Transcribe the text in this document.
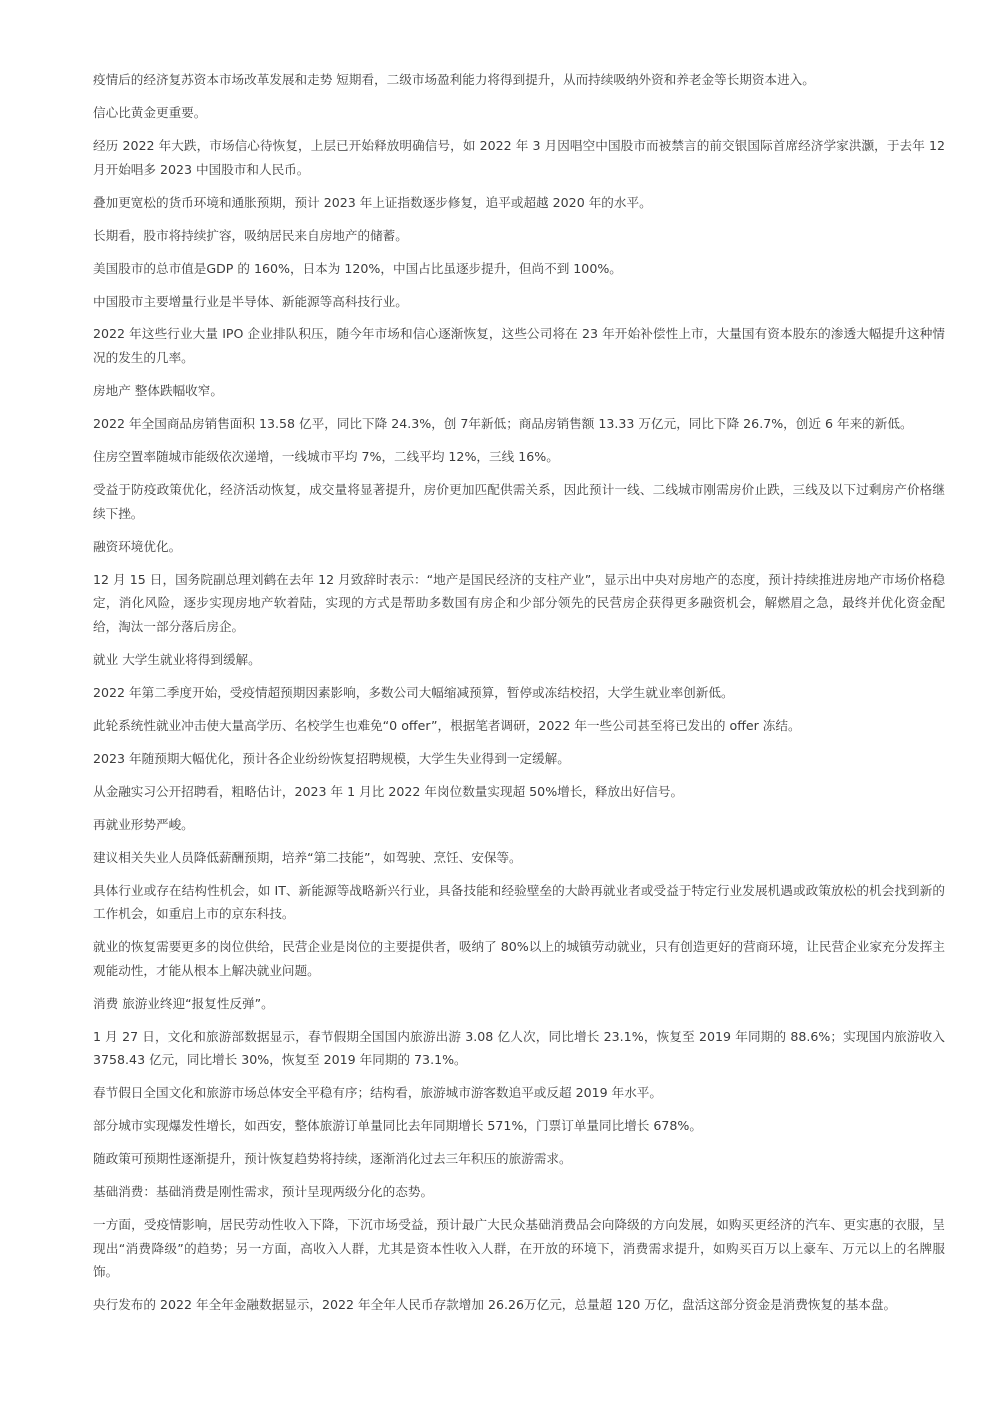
疫情后的经济复苏资本市场改革发展和走势 短期看，二级市场盈利能力将得到提升，从而持续吸纳外资和养老金等长期资本进入。

信心比黄金更重要。

经历 2022 年大跌，市场信心待恢复，上层已开始释放明确信号，如 2022 年 3 月因唱空中国股市而被禁言的前交银国际首席经济学家洪灏，于去年 12 月开始唱多 2023 中国股市和人民币。

叠加更宽松的货币环境和通胀预期，预计 2023 年上证指数逐步修复，追平或超越 2020 年的水平。

长期看，股市将持续扩容，吸纳居民来自房地产的储蓄。

美国股市的总市值是GDP 的 160%，日本为 120%，中国占比虽逐步提升，但尚不到 100%。

中国股市主要增量行业是半导体、新能源等高科技行业。

2022 年这些行业大量 IPO 企业排队积压，随今年市场和信心逐渐恢复，这些公司将在 23 年开始补偿性上市，大量国有资本股东的渗透大幅提升这种情况的发生的几率。

房地产 整体跌幅收窄。

2022 年全国商品房销售面积 13.58 亿平，同比下降 24.3%，创 7年新低；商品房销售额 13.33 万亿元，同比下降 26.7%，创近 6 年来的新低。

住房空置率随城市能级依次递增，一线城市平均 7%，二线平均 12%，三线 16%。

受益于防疫政策优化，经济活动恢复，成交量将显著提升，房价更加匹配供需关系，因此预计一线、二线城市刚需房价止跌，三线及以下过剩房产价格继续下挫。

融资环境优化。

12 月 15 日，国务院副总理刘鹤在去年 12 月致辞时表示：“地产是国民经济的支柱产业”，显示出中央对房地产的态度，预计持续推进房地产市场价格稳定，消化风险，逐步实现房地产软着陆，实现的方式是帮助多数国有房企和少部分领先的民营房企获得更多融资机会，解燃眉之急，最终并优化资金配给，淘汰一部分落后房企。

就业 大学生就业将得到缓解。

2022 年第二季度开始，受疫情超预期因素影响，多数公司大幅缩减预算，暂停或冻结校招，大学生就业率创新低。

此轮系统性就业冲击使大量高学历、名校学生也难免“0 offer”，根据笔者调研，2022 年一些公司甚至将已发出的 offer 冻结。

2023 年随预期大幅优化，预计各企业纷纷恢复招聘规模，大学生失业得到一定缓解。

从金融实习公开招聘看，粗略估计，2023 年 1 月比 2022 年岗位数量实现超 50%增长，释放出好信号。

再就业形势严峻。

建议相关失业人员降低薪酬预期，培养“第二技能”，如驾驶、烹饪、安保等。

具体行业或存在结构性机会，如 IT、新能源等战略新兴行业，具备技能和经验壁垒的大龄再就业者或受益于特定行业发展机遇或政策放松的机会找到新的工作机会，如重启上市的京东科技。

就业的恢复需要更多的岗位供给，民营企业是岗位的主要提供者，吸纳了 80%以上的城镇劳动就业，只有创造更好的营商环境，让民营企业家充分发挥主观能动性，才能从根本上解决就业问题。

消费 旅游业终迎“报复性反弹”。

1 月 27 日，文化和旅游部数据显示，春节假期全国国内旅游出游 3.08 亿人次，同比增长 23.1%，恢复至 2019 年同期的 88.6%；实现国内旅游收入 3758.43 亿元，同比增长 30%，恢复至 2019 年同期的 73.1%。

春节假日全国文化和旅游市场总体安全平稳有序；结构看，旅游城市游客数追平或反超 2019 年水平。

部分城市实现爆发性增长，如西安，整体旅游订单量同比去年同期增长 571%，门票订单量同比增长 678%。

随政策可预期性逐渐提升，预计恢复趋势将持续，逐渐消化过去三年积压的旅游需求。

基础消费：基础消费是刚性需求，预计呈现两级分化的态势。

一方面，受疫情影响，居民劳动性收入下降，下沉市场受益，预计最广大民众基础消费品会向降级的方向发展，如购买更经济的汽车、更实惠的衣服，呈现出“消费降级”的趋势；另一方面，高收入人群，尤其是资本性收入人群，在开放的环境下，消费需求提升，如购买百万以上豪车、万元以上的名牌服饰。

央行发布的 2022 年全年金融数据显示，2022 年全年人民币存款增加 26.26万亿元，总量超 120 万亿，盘活这部分资金是消费恢复的基本盘。
